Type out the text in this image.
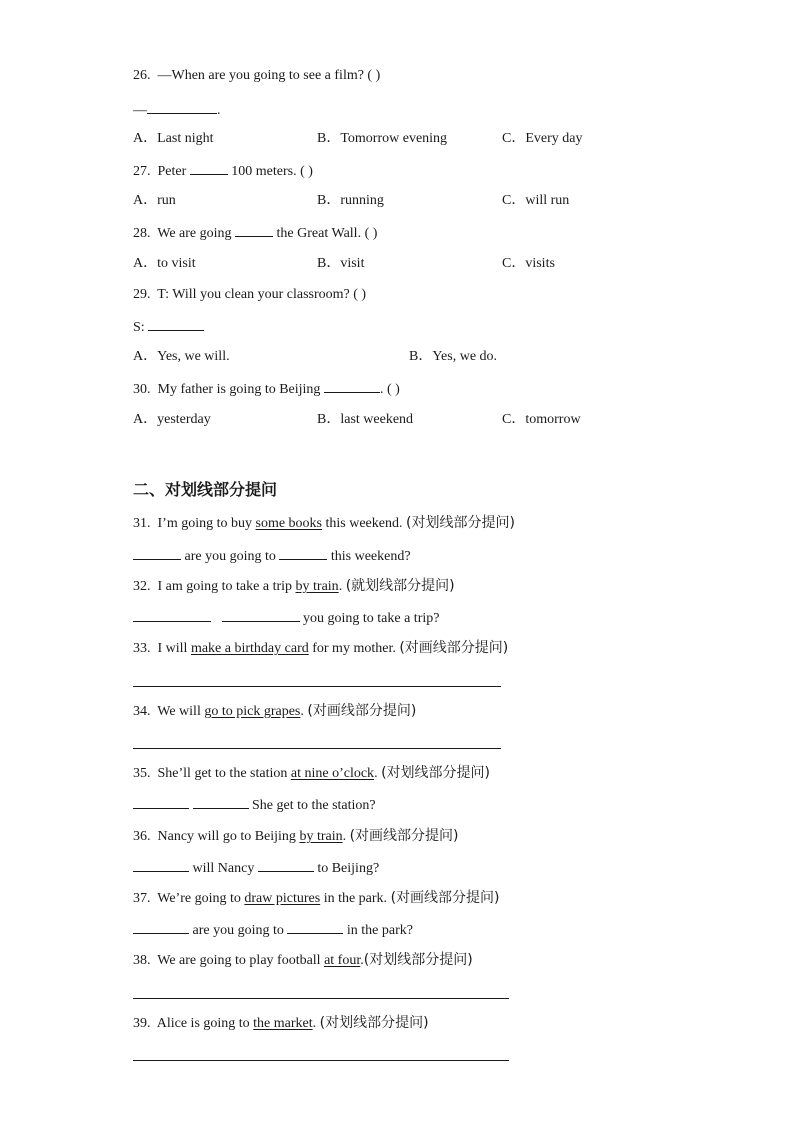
26. —When are you going to see a film? ( )
—	.
A．Last night	B．Tomorrow evening	C．Every day
27. Peter	100 meters. ( )
A．run	B．running	C．will run
28. We are going	the Great Wall. ( )
A．to visit	B．visit	C．visits
29. T: Will you clean your classroom? ( )
S:
A．Yes, we will.	B．Yes, we do.
30. My father is going to Beijing	. ( )
A．yesterday	B．last weekend	C．tomorrow
二、对划线部分提问
31. I’m going to buy some books this weekend. (对划线部分提问)
are you going to	this weekend?
32. I am going to take a trip by train. (就划线部分提问)
you going to take a trip?
33. I will make a birthday card for my mother. (对画线部分提问)
34. We will go to pick grapes. (对画线部分提问)
35. She’ll get to the station at nine o’clock. (对划线部分提问)
She get to the station?
36. Nancy will go to Beijing by train. (对画线部分提问)
will Nancy	to Beijing?
37. We’re going to draw pictures in the park. (对画线部分提问)
are you going to	in the park?
38. We are going to play football at four.(对划线部分提问)
39. Alice is going to the market. (对划线部分提问)
